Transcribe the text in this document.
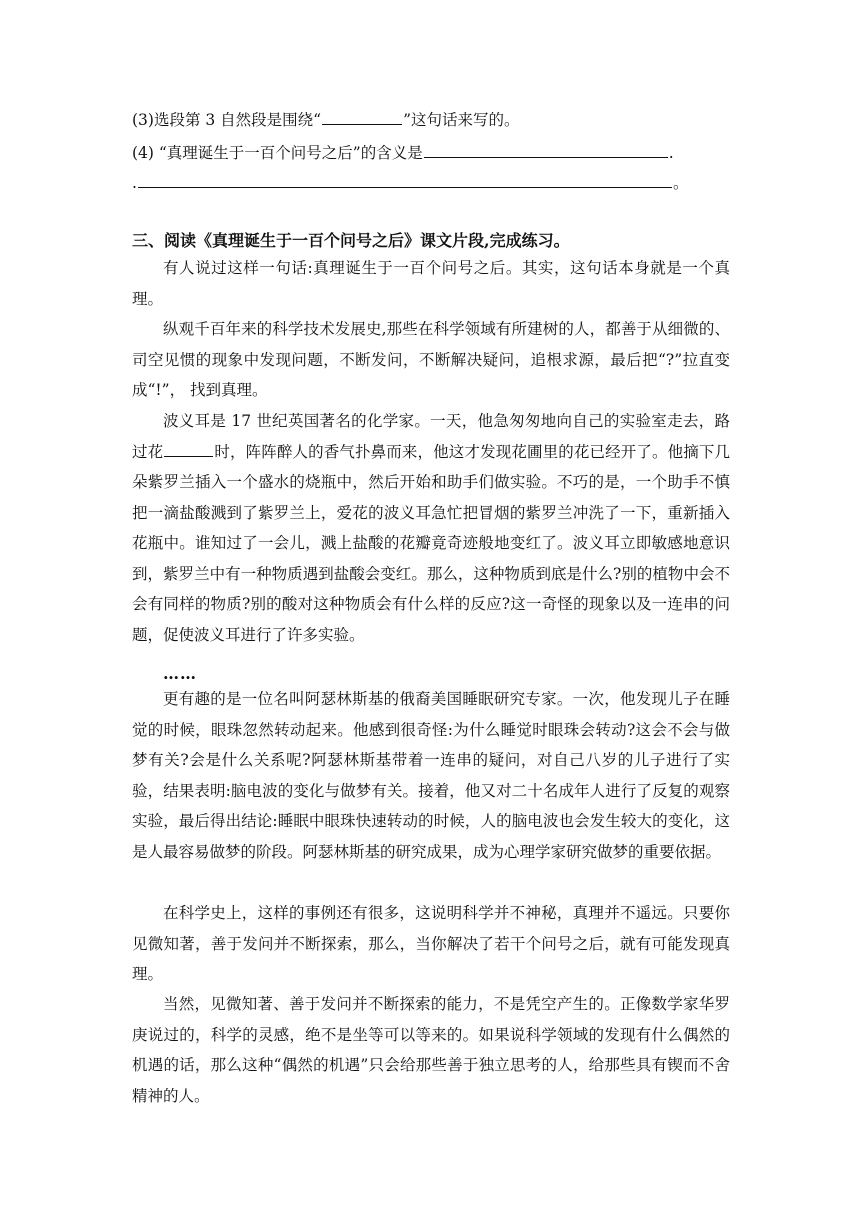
(3)选段第 3 自然段是围绕“	”这句话来写的。
(4) “真理诞生于一百个问号之后”的含义是	.
.	。
三、阅读《真理诞生于一百个问号之后》课文片段,完成练习。

有人说过这样一句话:真理诞生于一百个问号之后。其实，这句话本身就是一个真理。

纵观千百年来的科学技术发展史,那些在科学领域有所建树的人，都善于从细微的、司空见惯的现象中发现问题，不断发问，不断解决疑问，追根求源，最后把“?”拉直变成“!”， 找到真理。

波义耳是 17 世纪英国著名的化学家。一天，他急匆匆地向自己的实验室走去，路过花	时，阵阵醉人的香气扑鼻而来，他这才发现花圃里的花已经开了。他摘下几朵紫罗兰插入一个盛水的烧瓶中，然后开始和助手们做实验。不巧的是，一个助手不慎把一滴盐酸溅到了紫罗兰上，爱花的波义耳急忙把冒烟的紫罗兰冲洗了一下，重新插入花瓶中。谁知过了一会儿，溅上盐酸的花瓣竟奇迹般地变红了。波义耳立即敏感地意识到，紫罗兰中有一种物质遇到盐酸会变红。那么，这种物质到底是什么?别的植物中会不会有同样的物质?别的酸对这种物质会有什么样的反应?这一奇怪的现象以及一连串的问题，促使波义耳进行了许多实验。

……

更有趣的是一位名叫阿瑟林斯基的俄裔美国睡眠研究专家。一次，他发现儿子在睡觉的时候，眼珠忽然转动起来。他感到很奇怪:为什么睡觉时眼珠会转动?这会不会与做梦有关?会是什么关系呢?阿瑟林斯基带着一连串的疑问，对自己八岁的儿子进行了实验，结果表明:脑电波的变化与做梦有关。接着，他又对二十名成年人进行了反复的观察实验，最后得出结论:睡眠中眼珠快速转动的时候，人的脑电波也会发生较大的变化，这是人最容易做梦的阶段。阿瑟林斯基的研究成果，成为心理学家研究做梦的重要依据。

在科学史上，这样的事例还有很多，这说明科学并不神秘，真理并不遥远。只要你见微知著，善于发问并不断探索，那么，当你解决了若干个问号之后，就有可能发现真理。

当然，见微知著、善于发问并不断探索的能力，不是凭空产生的。正像数学家华罗庚说过的，科学的灵感，绝不是坐等可以等来的。如果说科学领域的发现有什么偶然的机遇的话，那么这种“偶然的机遇”只会给那些善于独立思考的人，给那些具有锲而不舍精神的人。
